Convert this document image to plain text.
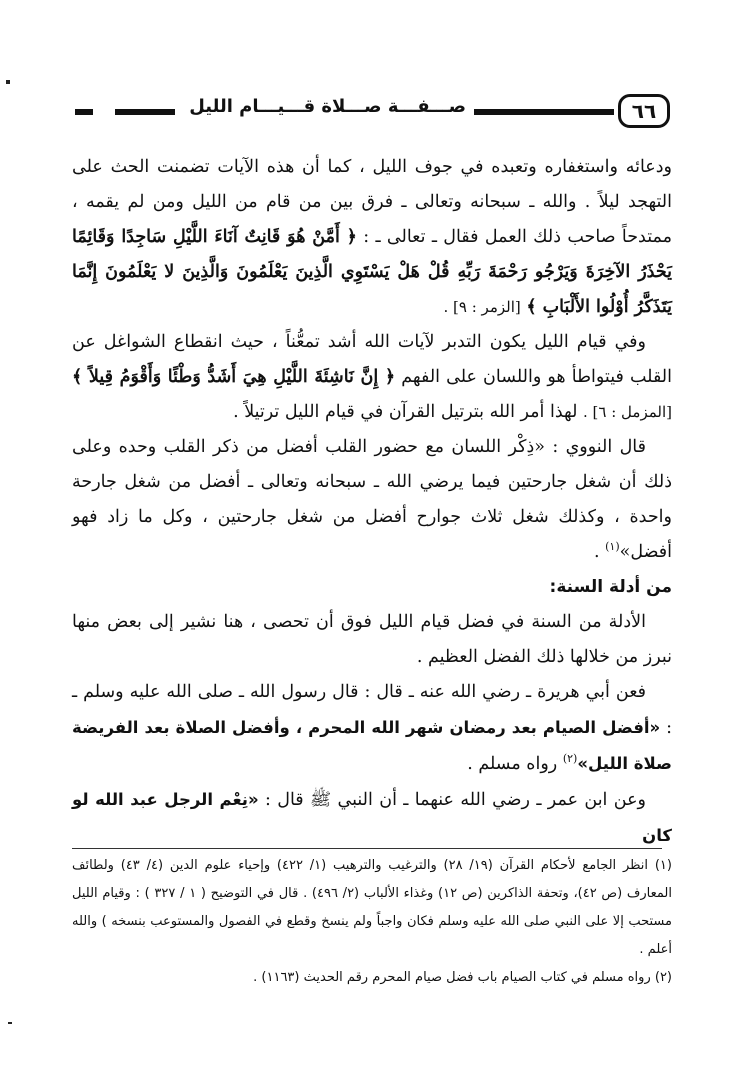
صـــفـــة صـــلاة قـــيـــام الليل	٦٦

ودعائه واستغفاره وتعبده في جوف الليل ، كما أن هذه الآيات تضمنت الحث على التهجد ليلاً . والله ـ سبحانه وتعالى ـ فرق بين من قام من الليل ومن لم يقمه ، ممتدحاً صاحب ذلك العمل فقال ـ تعالى ـ : ﴿ أَمَّنْ هُوَ قَانِتٌ آنَاءَ اللَّيْلِ سَاجِدًا وَقَائِمًا يَحْذَرُ الآخِرَةَ وَيَرْجُو رَحْمَةَ رَبِّهِ قُلْ هَلْ يَسْتَوِي الَّذِينَ يَعْلَمُونَ وَالَّذِينَ لا يَعْلَمُونَ إِنَّمَا يَتَذَكَّرُ أُوْلُوا الأَلْبَابِ ﴾ [الزمر : ٩] .

وفي قيام الليل يكون التدبر لآيات الله أشد تمعُّناً ، حيث انقطاع الشواغل عن القلب فيتواطأ هو واللسان على الفهم ﴿ إِنَّ نَاشِئَةَ اللَّيْلِ هِيَ أَشَدُّ وَطْئًا وَأَقْوَمُ قِيلاً ﴾ [المزمل : ٦] . لهذا أمر الله بترتيل القرآن في قيام الليل ترتيلاً .

قال النووي : «ذِكْر اللسان مع حضور القلب أفضل من ذكر القلب وحده وعلى ذلك أن شغل جارحتين فيما يرضي الله ـ سبحانه وتعالى ـ أفضل من شغل جارحة واحدة ، وكذلك شغل ثلاث جوارح أفضل من شغل جارحتين ، وكل ما زاد فهو أفضل»$^{(١)}$ .

من أدلة السنة:

الأدلة من السنة في فضل قيام الليل فوق أن تحصى ، هنا نشير إلى بعض منها نبرز من خلالها ذلك الفضل العظيم .

فعن أبي هريرة ـ رضي الله عنه ـ قال : قال رسول الله ـ صلى الله عليه وسلم ـ : «أفضل الصيام بعد رمضان شهر الله المحرم ، وأفضل الصلاة بعد الفريضة صلاة الليل»$^{(٢)}$ رواه مسلم .

وعن ابن عمر ـ رضي الله عنهما ـ أن النبي ﷺ قال : «نِعْم الرجل عبد الله لو كان

(١) انظر الجامع لأحكام القرآن (١٩/ ٢٨) والترغيب والترهيب (١/ ٤٢٢) وإحياء علوم الدين (٤/ ٤٣) ولطائف المعارف (ص ٤٢)، وتحفة الذاكرين (ص ١٢) وغذاء الألباب (٢/ ٤٩٦) . قال في التوضيح ( ١ / ٣٢٧ ) : وقيام الليل مستحب إلا على النبي صلى الله عليه وسلم فكان واجباً ولم ينسخ وقطع في الفصول والمستوعب بنسخه ) والله أعلم .

(٢) رواه مسلم في كتاب الصيام باب فضل صيام المحرم رقم الحديث (١١٦٣) .
